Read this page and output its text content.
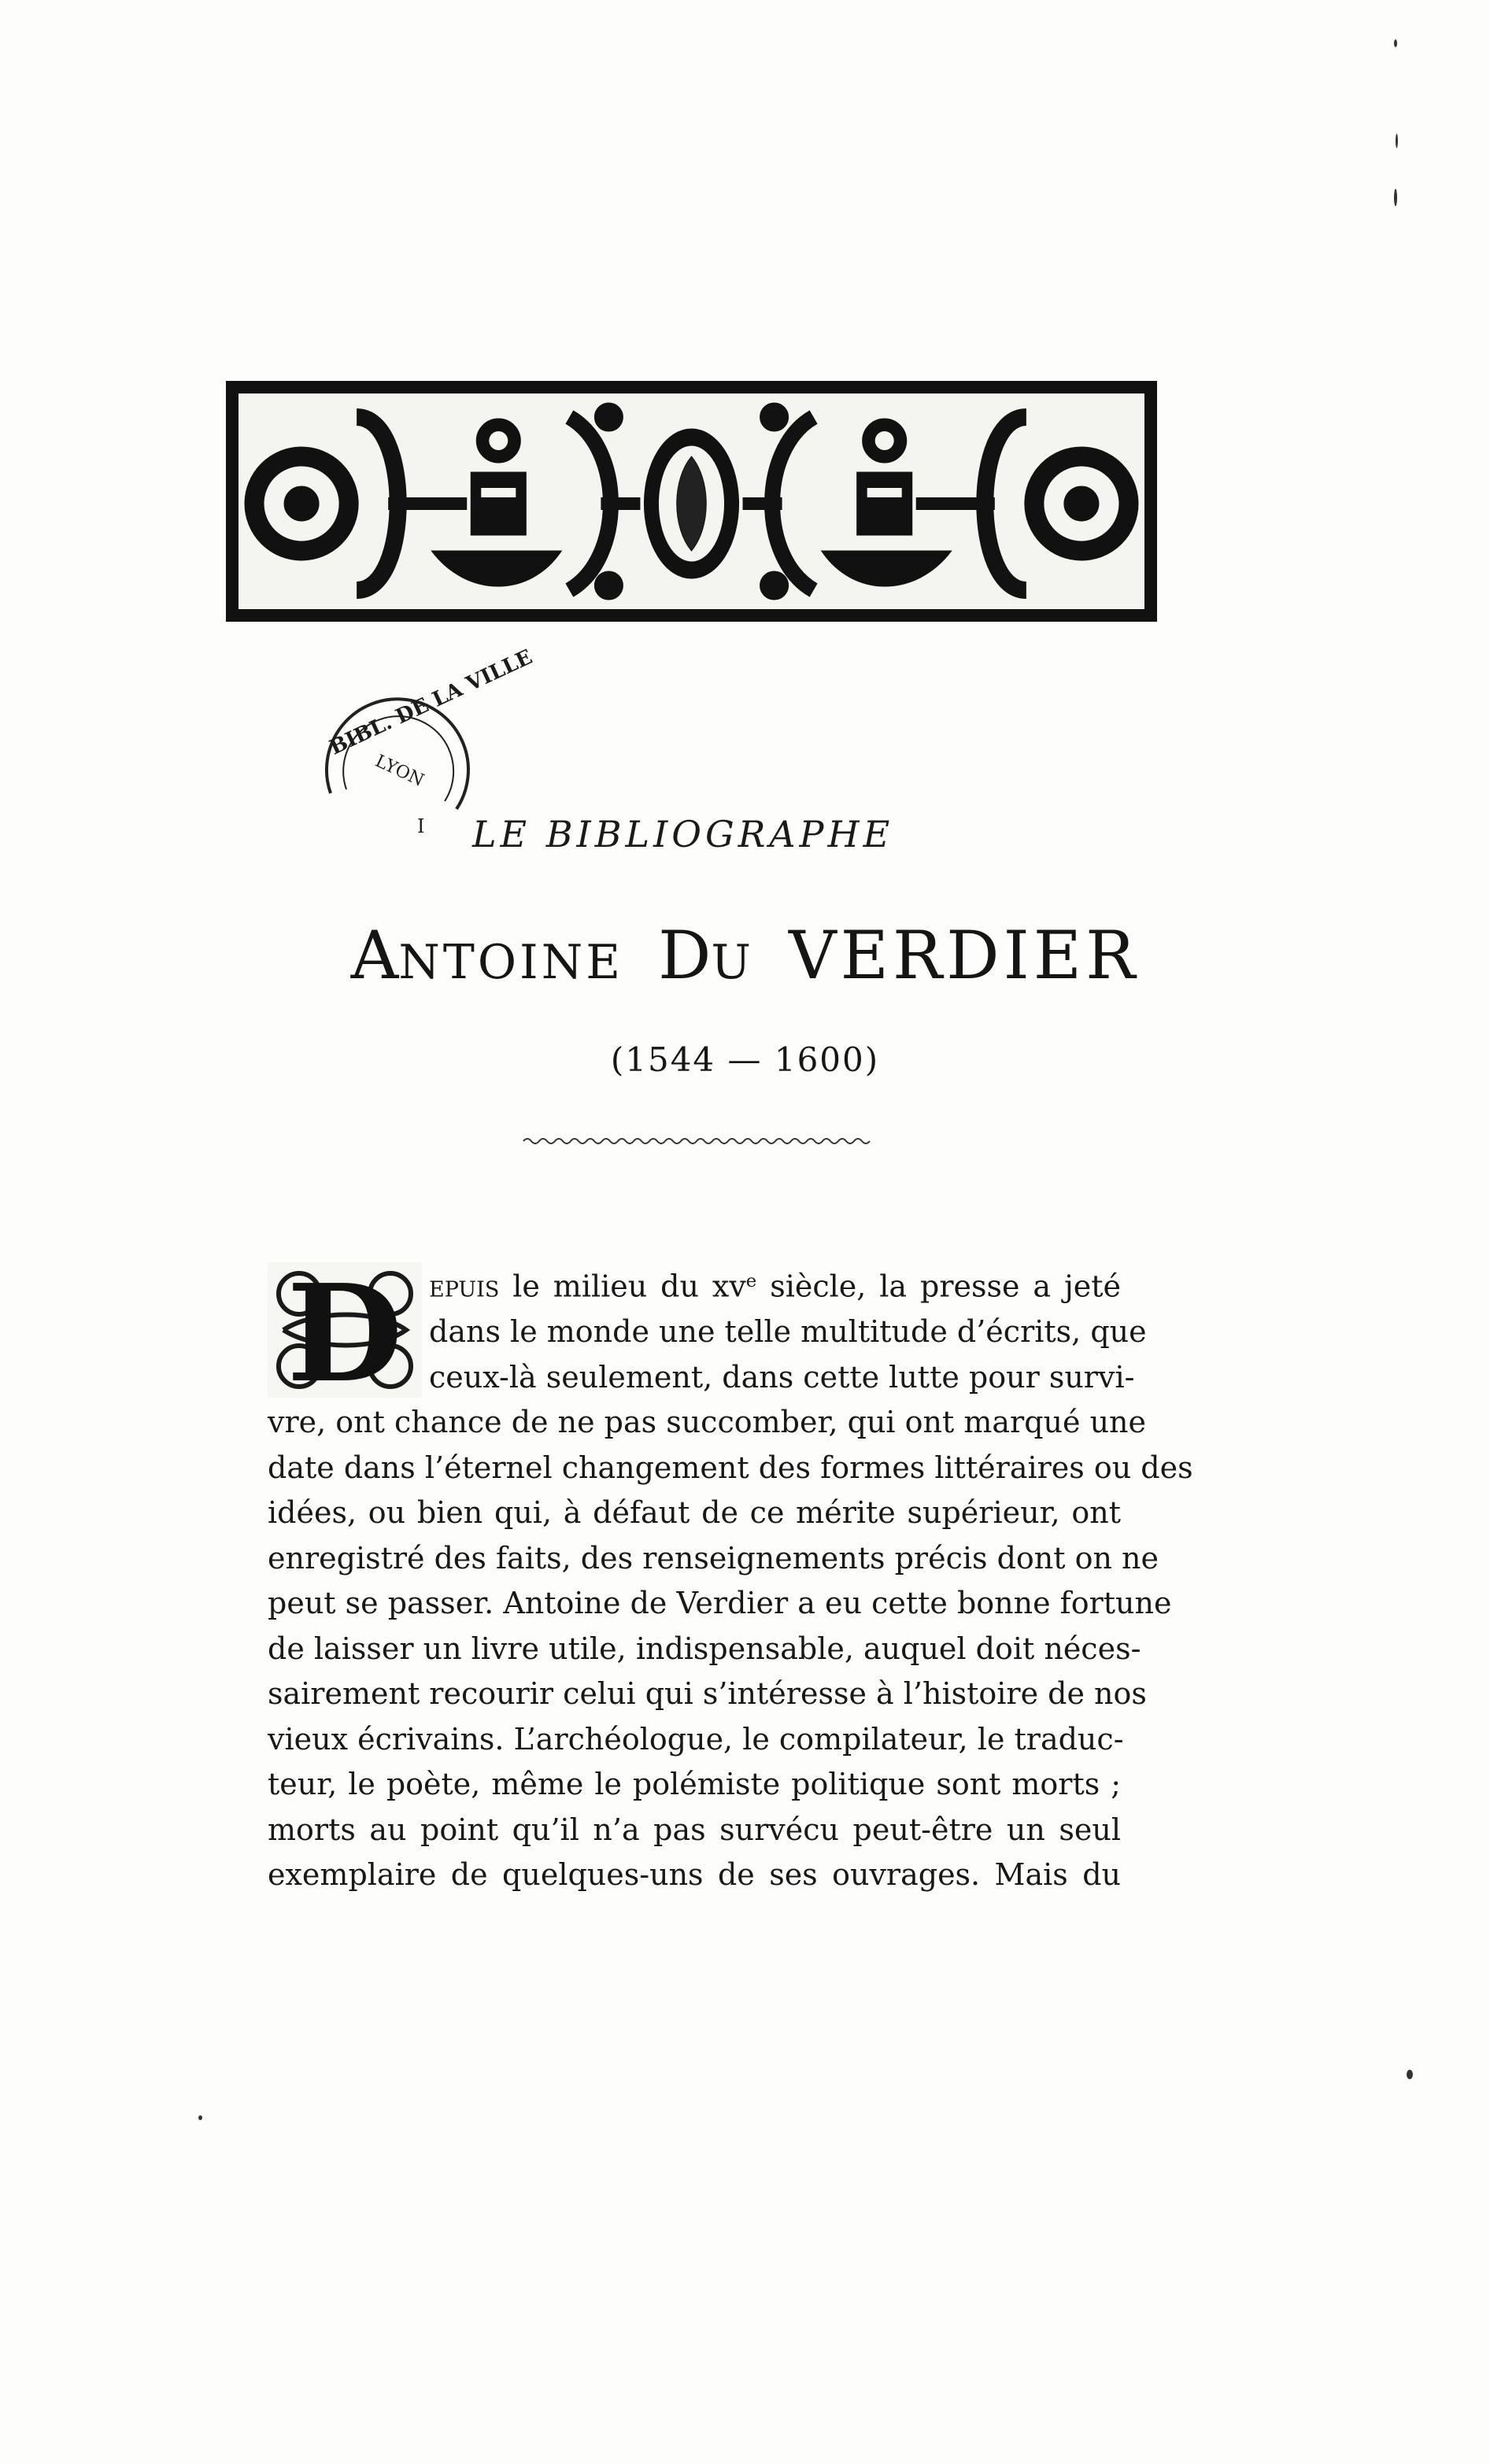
BIBL. DE LA VILLE
LYON
I LE BIBLIOGRAPHE
ANTOINE DU VERDIER
(1544 — 1600)
D epuis le milieu du $xv^e$ siècle, la presse a jeté
dans le monde une telle multitude d’écrits, que
ceux-là seulement, dans cette lutte pour survi-
vre, ont chance de ne pas succomber, qui ont marqué une
date dans l’éternel changement des formes littéraires ou des
idées, ou bien qui, à défaut de ce mérite supérieur, ont
enregistré des faits, des renseignements précis dont on ne
peut se passer. Antoine de Verdier a eu cette bonne fortune
de laisser un livre utile, indispensable, auquel doit néces-
sairement recourir celui qui s’intéresse à l’histoire de nos
vieux écrivains. L’archéologue, le compilateur, le traduc-
teur, le poète, même le polémiste politique sont morts ;
morts au point qu’il n’a pas survécu peut-être un seul
exemplaire de quelques-uns de ses ouvrages. Mais du
